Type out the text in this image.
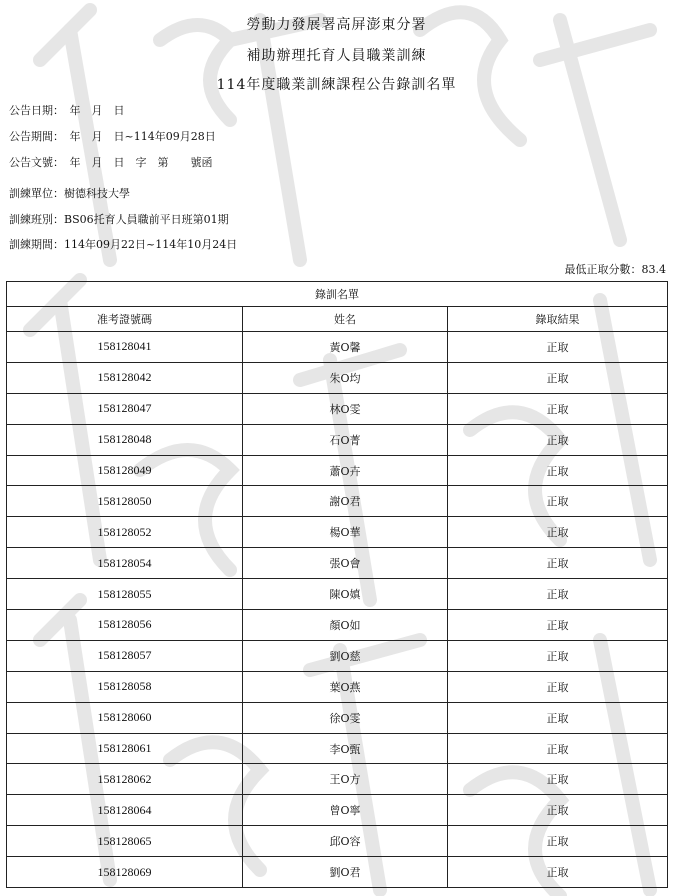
勞動力發展署高屏澎東分署
補助辦理托育人員職業訓練
114年度職業訓練課程公告錄訓名單
公告日期：　年　月　日
公告期間：　年　月　日~114年09月28日
公告文號：　年　月　日　字　第　　號函
訓練單位：樹德科技大學
訓練班別：BS06托育人員職前平日班第01期
訓練期間：114年09月22日~114年10月24日
最低正取分數：83.4
錄訓名單		
准考證號碼	姓名	錄取結果
158128041	黃O馨	正取
158128042	朱O均	正取
158128047	林O雯	正取
158128048	石O菁	正取
158128049	蕭O卉	正取
158128050	謝O君	正取
158128052	楊O華	正取
158128054	張O會	正取
158128055	陳O嫃	正取
158128056	顏O如	正取
158128057	劉O慈	正取
158128058	葉O燕	正取
158128060	徐O雯	正取
158128061	李O甄	正取
158128062	王O方	正取
158128064	曾O寧	正取
158128065	邱O容	正取
158128069	劉O君	正取
